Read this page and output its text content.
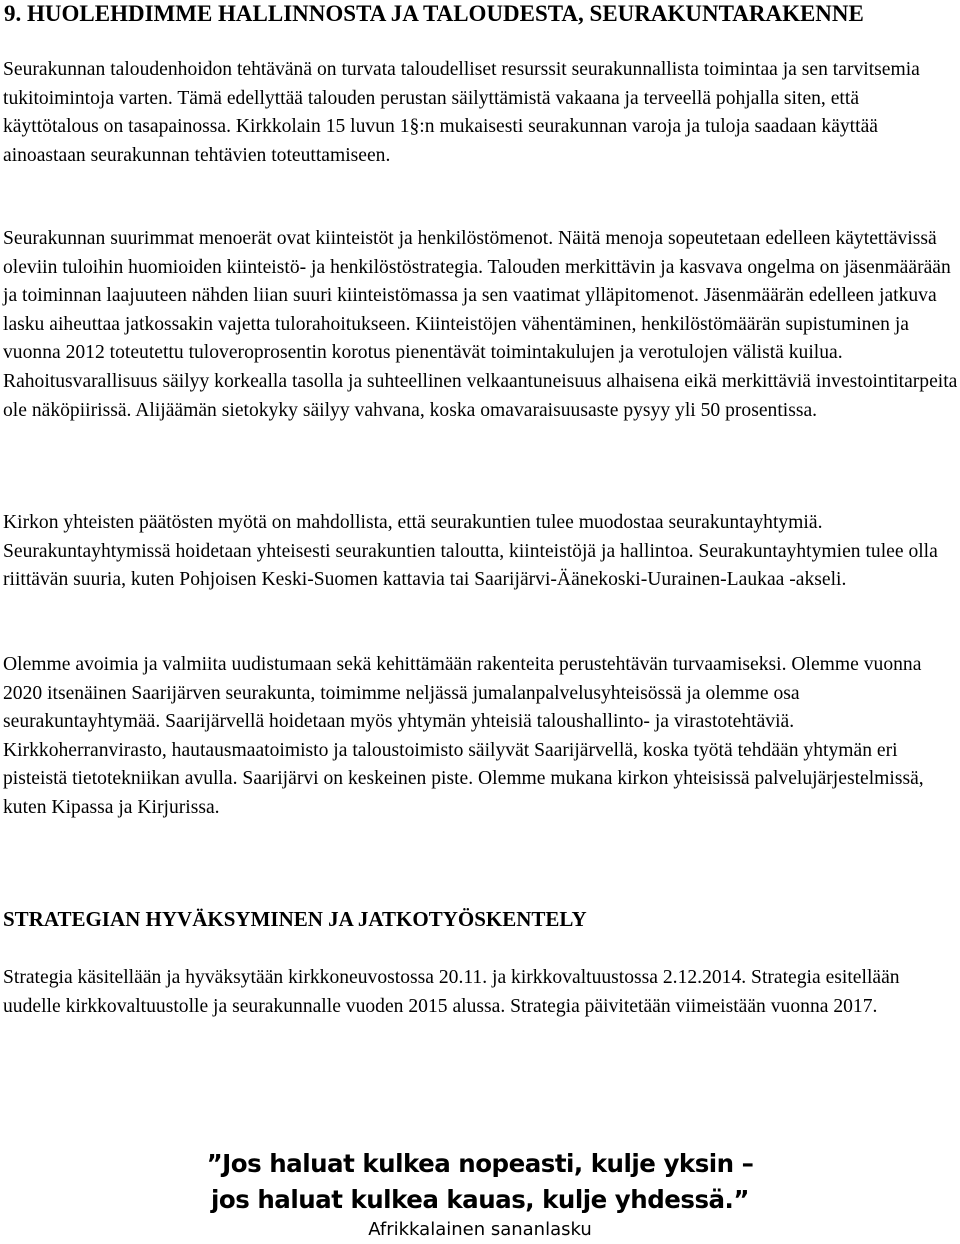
9. HUOLEHDIMME HALLINNOSTA JA TALOUDESTA, SEURAKUNTARAKENNE

Seurakunnan taloudenhoidon tehtävänä on turvata taloudelliset resurssit seurakunnallista toimintaa ja sen tarvitsemia tukitoimintoja varten. Tämä edellyttää talouden perustan säilyttämistä vakaana ja terveellä pohjalla siten, että käyttötalous on tasapainossa. Kirkkolain 15 luvun 1§:n mukaisesti seurakunnan varoja ja tuloja saadaan käyttää ainoastaan seurakunnan tehtävien toteuttamiseen.

Seurakunnan suurimmat menoerät ovat kiinteistöt ja henkilöstömenot. Näitä menoja sopeutetaan edelleen käytettävissä oleviin tuloihin huomioiden kiinteistö- ja henkilöstöstrategia. Talouden merkittävin ja kasvava ongelma on jäsenmäärään ja toiminnan laajuuteen nähden liian suuri kiinteistömassa ja sen vaatimat ylläpitomenot. Jäsenmäärän edelleen jatkuva lasku aiheuttaa jatkossakin vajetta tulorahoitukseen. Kiinteistöjen vähentäminen, henkilöstömäärän supistuminen ja vuonna 2012 toteutettu tuloveroprosentin korotus pienentävät toimintakulujen ja verotulojen välistä kuilua. Rahoitusvarallisuus säilyy korkealla tasolla ja suhteellinen velkaantuneisuus alhaisena eikä merkittäviä investointitarpeita ole näköpiirissä. Alijäämän sietokyky säilyy vahvana, koska omavaraisuusaste pysyy yli 50 prosentissa.

Kirkon yhteisten päätösten myötä on mahdollista, että seurakuntien tulee muodostaa seurakuntayhtymiä. Seurakuntayhtymissä hoidetaan yhteisesti seurakuntien taloutta, kiinteistöjä ja hallintoa. Seurakuntayhtymien tulee olla riittävän suuria, kuten Pohjoisen Keski-Suomen kattavia tai Saarijärvi-Äänekoski-Uurainen-Laukaa -akseli.

Olemme avoimia ja valmiita uudistumaan sekä kehittämään rakenteita perustehtävän turvaamiseksi. Olemme vuonna 2020 itsenäinen Saarijärven seurakunta, toimimme neljässä jumalanpalvelusyhteisössä ja olemme osa seurakuntayhtymää. Saarijärvellä hoidetaan myös yhtymän yhteisiä taloushallinto- ja virastotehtäviä. Kirkkoherranvirasto, hautausmaatoimisto ja taloustoimisto säilyvät Saarijärvellä, koska työtä tehdään yhtymän eri pisteistä tietotekniikan avulla. Saarijärvi on keskeinen piste. Olemme mukana kirkon yhteisissä palvelujärjestelmissä, kuten Kipassa ja Kirjurissa.

STRATEGIAN HYVÄKSYMINEN JA JATKOTYÖSKENTELY

Strategia käsitellään ja hyväksytään kirkkoneuvostossa 20.11. ja kirkkovaltuustossa 2.12.2014. Strategia esitellään uudelle kirkkovaltuustolle ja seurakunnalle vuoden 2015 alussa. Strategia päivitetään viimeistään vuonna 2017.

”Jos haluat kulkea nopeasti, kulje yksin –
jos haluat kulkea kauas, kulje yhdessä.”
Afrikkalainen sananlasku
